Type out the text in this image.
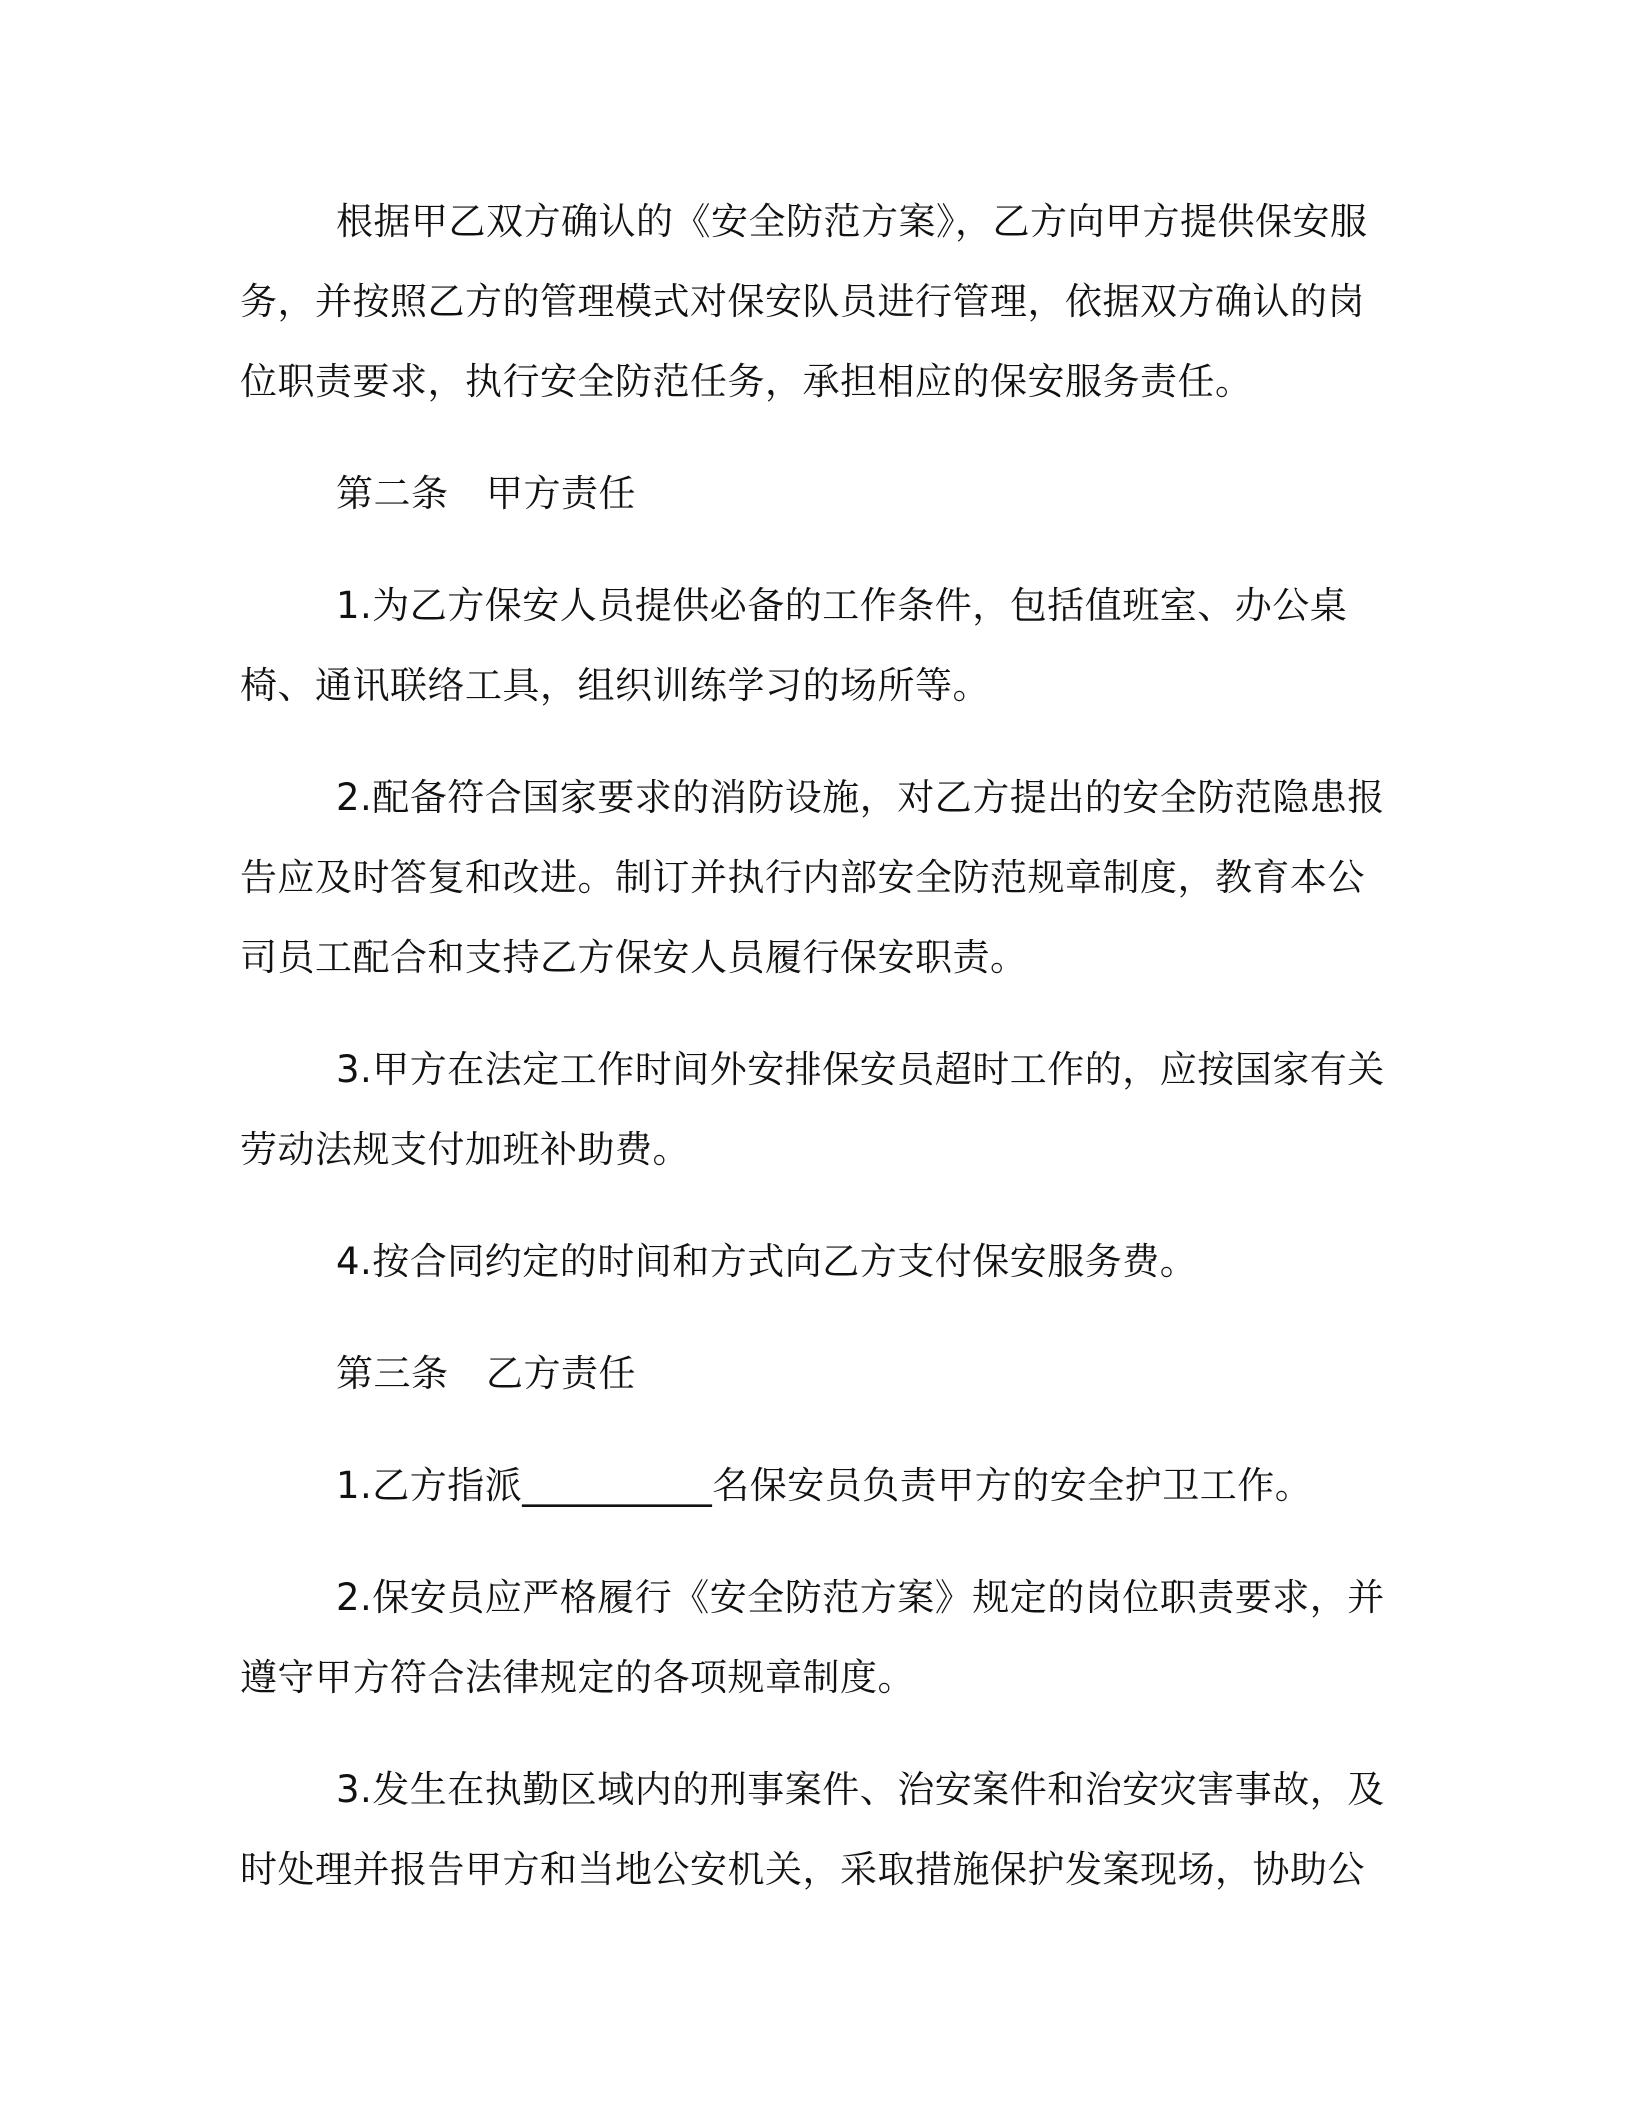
根据甲乙双方确认的《安全防范方案》，乙方向甲方提供保安服务，并按照乙方的管理模式对保安队员进行管理，依据双方确认的岗位职责要求，执行安全防范任务，承担相应的保安服务责任。

第二条　甲方责任

1.为乙方保安人员提供必备的工作条件，包括值班室、办公桌椅、通讯联络工具，组织训练学习的场所等。

2.配备符合国家要求的消防设施，对乙方提出的安全防范隐患报告应及时答复和改进。制订并执行内部安全防范规章制度，教育本公司员工配合和支持乙方保安人员履行保安职责。

3.甲方在法定工作时间外安排保安员超时工作的，应按国家有关劳动法规支付加班补助费。

4.按合同约定的时间和方式向乙方支付保安服务费。

第三条　乙方责任

1.乙方指派__________名保安员负责甲方的安全护卫工作。

2.保安员应严格履行《安全防范方案》规定的岗位职责要求，并遵守甲方符合法律规定的各项规章制度。

3.发生在执勤区域内的刑事案件、治安案件和治安灾害事故，及时处理并报告甲方和当地公安机关，采取措施保护发案现场，协助公
